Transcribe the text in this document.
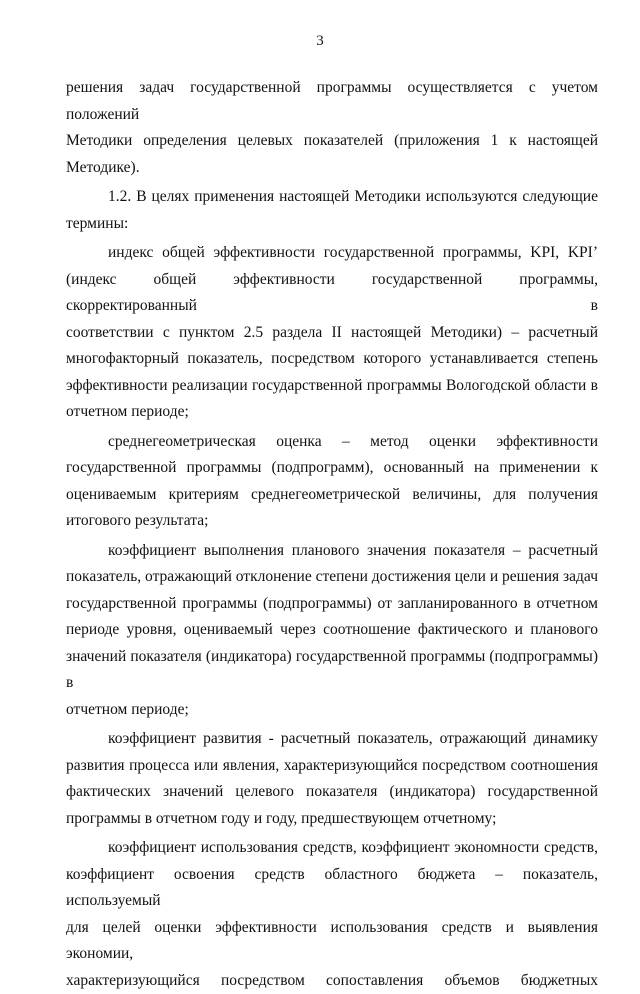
3

решения задач государственной программы осуществляется с учетом положений

Методики определения целевых показателей (приложения 1 к настоящей

Методике).

1.2. В целях применения настоящей Методики используются следующие

термины:

индекс общей эффективности государственной программы, KPI, KPI’

(индекс общей эффективности государственной программы, скорректированный в

соответствии с пунктом 2.5 раздела II настоящей Методики) – расчетный

многофакторный показатель, посредством которого устанавливается степень

эффективности реализации государственной программы Вологодской области в

отчетном периоде;

среднегеометрическая оценка – метод оценки эффективности

государственной программы (подпрограмм), основанный на применении к

оцениваемым критериям среднегеометрической величины, для получения

итогового результата;

коэффициент выполнения планового значения показателя – расчетный

показатель, отражающий отклонение степени достижения цели и решения задач

государственной программы (подпрограммы) от запланированного в отчетном

периоде уровня, оцениваемый через соотношение фактического и планового

значений показателя (индикатора) государственной программы (подпрограммы) в

отчетном периоде;

коэффициент развития - расчетный показатель, отражающий динамику

развития процесса или явления, характеризующийся посредством соотношения

фактических значений целевого показателя (индикатора) государственной

программы в отчетном году и году, предшествующем отчетному;

коэффициент использования средств, коэффициент экономности средств,

коэффициент освоения средств областного бюджета – показатель, используемый

для целей оценки эффективности использования средств и выявления экономии,

характеризующийся посредством сопоставления объемов бюджетных
